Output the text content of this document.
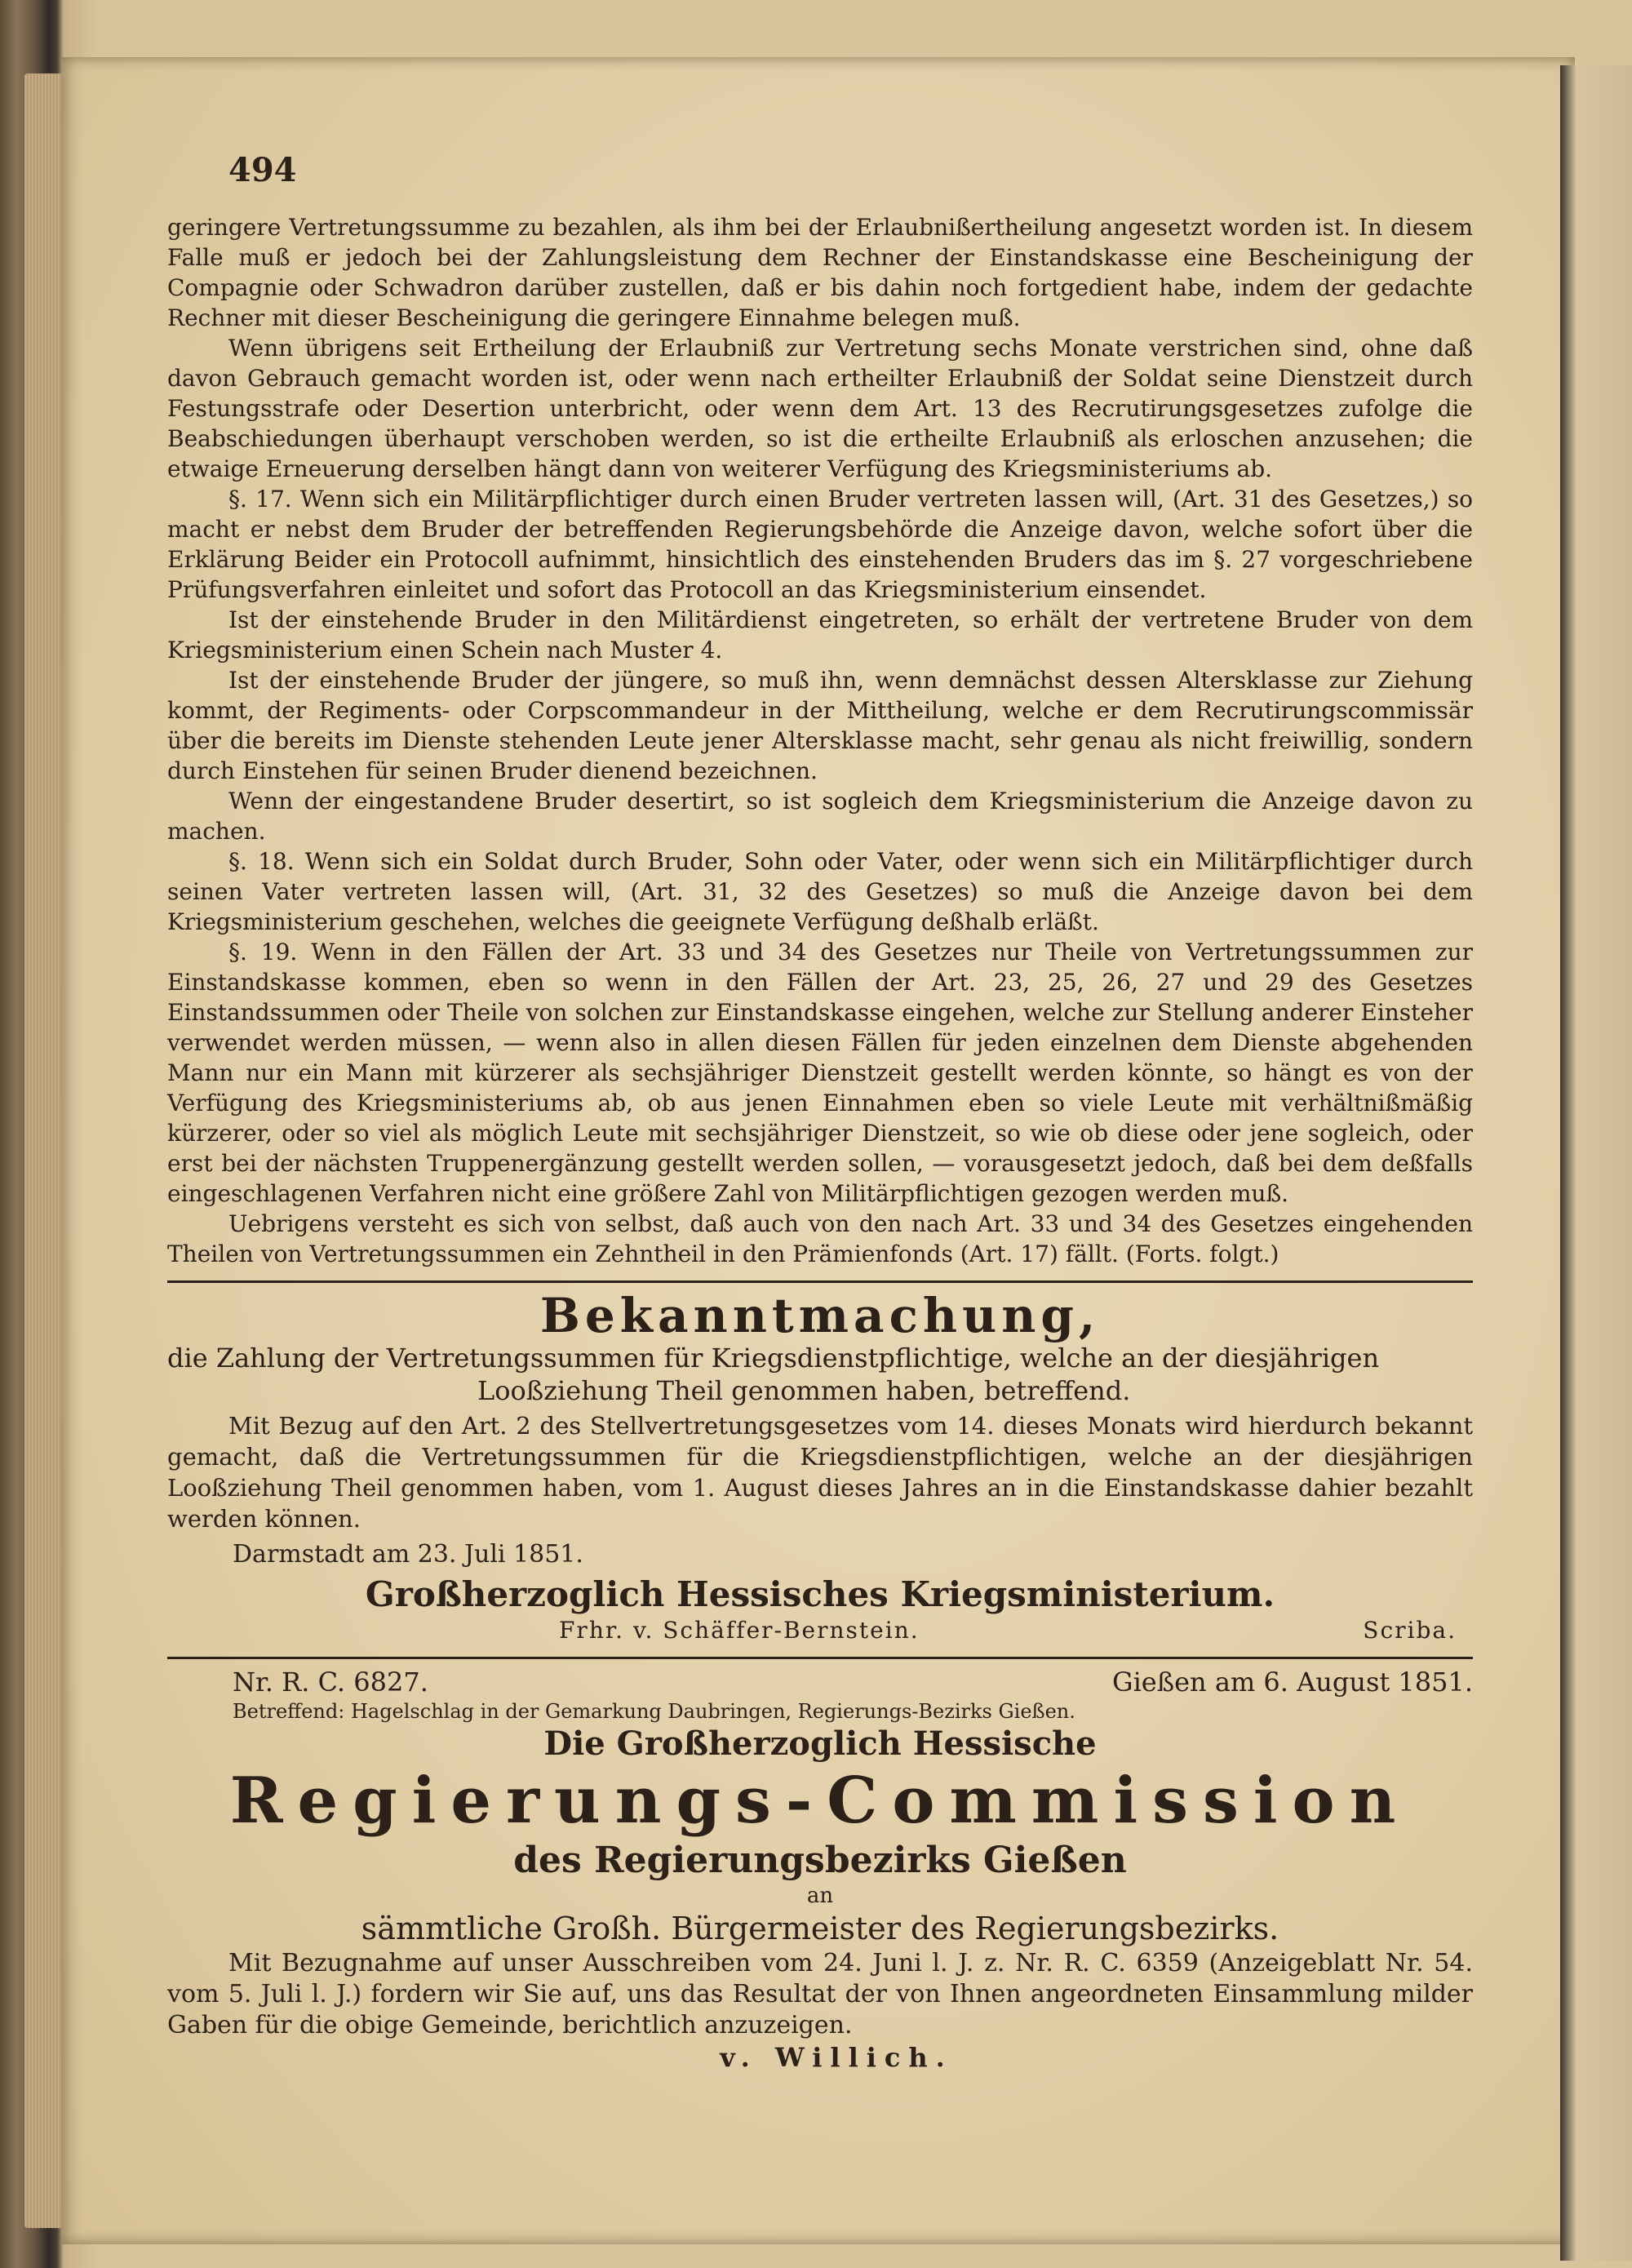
494

geringere Vertretungssumme zu bezahlen, als ihm bei der Erlaubnißertheilung angesetzt worden ist. In diesem Falle muß er jedoch bei der Zahlungsleistung dem Rechner der Einstandskasse eine Bescheinigung der Compagnie oder Schwadron darüber zustellen, daß er bis dahin noch fortgedient habe, indem der gedachte Rechner mit dieser Bescheinigung die geringere Einnahme belegen muß.

Wenn übrigens seit Ertheilung der Erlaubniß zur Vertretung sechs Monate verstrichen sind, ohne daß davon Gebrauch gemacht worden ist, oder wenn nach ertheilter Erlaubniß der Soldat seine Dienstzeit durch Festungsstrafe oder Desertion unterbricht, oder wenn dem Art. 13 des Recrutirungsgesetzes zufolge die Beabschiedungen überhaupt verschoben werden, so ist die ertheilte Erlaubniß als erloschen anzusehen; die etwaige Erneuerung derselben hängt dann von weiterer Verfügung des Kriegsministeriums ab.

§. 17. Wenn sich ein Militärpflichtiger durch einen Bruder vertreten lassen will, (Art. 31 des Gesetzes,) so macht er nebst dem Bruder der betreffenden Regierungsbehörde die Anzeige davon, welche sofort über die Erklärung Beider ein Protocoll aufnimmt, hinsichtlich des einstehenden Bruders das im §. 27 vorgeschriebene Prüfungsverfahren einleitet und sofort das Protocoll an das Kriegsministerium einsendet.

Ist der einstehende Bruder in den Militärdienst eingetreten, so erhält der vertretene Bruder von dem Kriegsministerium einen Schein nach Muster 4.

Ist der einstehende Bruder der jüngere, so muß ihn, wenn demnächst dessen Altersklasse zur Ziehung kommt, der Regiments- oder Corpscommandeur in der Mittheilung, welche er dem Recrutirungscommissär über die bereits im Dienste stehenden Leute jener Altersklasse macht, sehr genau als nicht freiwillig, sondern durch Einstehen für seinen Bruder dienend bezeichnen.

Wenn der eingestandene Bruder desertirt, so ist sogleich dem Kriegsministerium die Anzeige davon zu machen.

§. 18. Wenn sich ein Soldat durch Bruder, Sohn oder Vater, oder wenn sich ein Militärpflichtiger durch seinen Vater vertreten lassen will, (Art. 31, 32 des Gesetzes) so muß die Anzeige davon bei dem Kriegsministerium geschehen, welches die geeignete Verfügung deßhalb erläßt.

§. 19. Wenn in den Fällen der Art. 33 und 34 des Gesetzes nur Theile von Vertretungssummen zur Einstandskasse kommen, eben so wenn in den Fällen der Art. 23, 25, 26, 27 und 29 des Gesetzes Einstandssummen oder Theile von solchen zur Einstandskasse eingehen, welche zur Stellung anderer Einsteher verwendet werden müssen, — wenn also in allen diesen Fällen für jeden einzelnen dem Dienste abgehenden Mann nur ein Mann mit kürzerer als sechsjähriger Dienstzeit gestellt werden könnte, so hängt es von der Verfügung des Kriegsministeriums ab, ob aus jenen Einnahmen eben so viele Leute mit verhältnißmäßig kürzerer, oder so viel als möglich Leute mit sechsjähriger Dienstzeit, so wie ob diese oder jene sogleich, oder erst bei der nächsten Truppenergänzung gestellt werden sollen, — vorausgesetzt jedoch, daß bei dem deßfalls eingeschlagenen Verfahren nicht eine größere Zahl von Militärpflichtigen gezogen werden muß.

Uebrigens versteht es sich von selbst, daß auch von den nach Art. 33 und 34 des Gesetzes eingehenden Theilen von Vertretungssummen ein Zehntheil in den Prämienfonds (Art. 17) fällt. (Forts. folgt.)

Bekanntmachung,
die Zahlung der Vertretungssummen für Kriegsdienstpflichtige, welche an der diesjährigen
Looßziehung Theil genommen haben, betreffend.

Mit Bezug auf den Art. 2 des Stellvertretungsgesetzes vom 14. dieses Monats wird hierdurch bekannt gemacht, daß die Vertretungssummen für die Kriegsdienstpflichtigen, welche an der diesjährigen Looßziehung Theil genommen haben, vom 1. August dieses Jahres an in die Einstandskasse dahier bezahlt werden können.

Darmstadt am 23. Juli 1851.
Großherzoglich Hessisches Kriegsministerium.
Frhr. v. Schäffer-Bernstein.	Scriba.
Nr. R. C. 6827.	Gießen am 6. August 1851.
Betreffend: Hagelschlag in der Gemarkung Daubringen, Regierungs-Bezirks Gießen.
Die Großherzoglich Hessische
Regierungs-Commission
des Regierungsbezirks Gießen
an
sämmtliche Großh. Bürgermeister des Regierungsbezirks.

Mit Bezugnahme auf unser Ausschreiben vom 24. Juni l. J. z. Nr. R. C. 6359 (Anzeigeblatt Nr. 54. vom 5. Juli l. J.) fordern wir Sie auf, uns das Resultat der von Ihnen angeordneten Einsammlung milder Gaben für die obige Gemeinde, berichtlich anzuzeigen.

v. Willich.
